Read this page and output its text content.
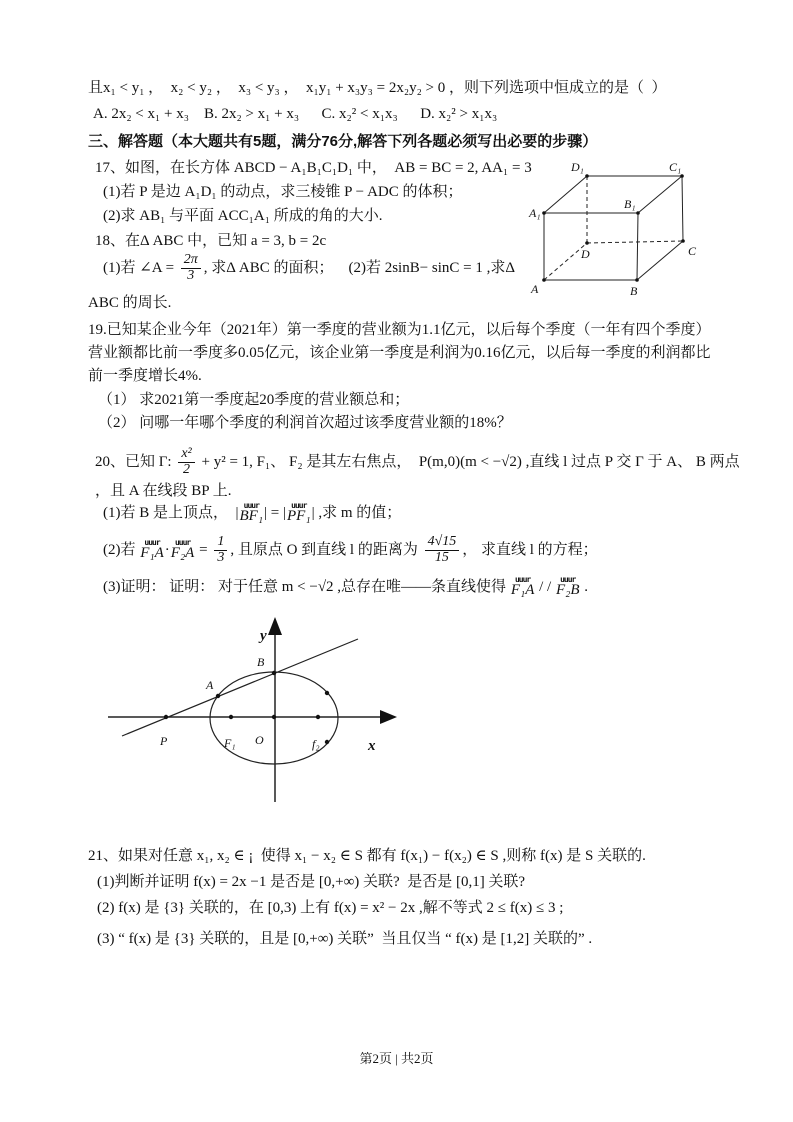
且x₁ < y₁ ，  x₂ < y₂ ，  x₃ < y₃ ，  x₁y₁ + x₃y₃ = 2x₂y₂ > 0 ，则下列选项中恒成立的是（  ）
A. 2x₂ < x₁ + x₃    B. 2x₂ > x₁ + x₃      C. x₂² < x₁x₃      D. x₂² > x₁x₃
三、解答题（本大题共有5题，满分76分,解答下列各题必须写出必要的步骤）
17、如图，在长方体 ABCD − A₁B₁C₁D₁ 中，  AB = BC = 2, AA₁ = 3
(1)若 P 是边 A₁D₁ 的动点，求三棱锥 P − ADC 的体积；
(2)求 AB₁ 与平面 ACC₁A₁ 所成的角的大小.	A₁
B₁
C₁
D₁
A	B
C
D
18、在Δ ABC 中，已知 a = 3, b = 2c
(1)若 ∠A = $\frac{2\pi}{3}$ , 求Δ ABC 的面积；    (2)若 2sinB− sinC = 1 ,求Δ
ABC 的周长.
19.已知某企业今年（2021年）第一季度的营业额为1.1亿元，以后每个季度（一年有四个季度）
营业额都比前一季度多0.05亿元，该企业第一季度是利润为0.16亿元，以后每一季度的利润都比
前一季度增长4%.
（1） 求2021第一季度起20季度的营业额总和；
（2） 问哪一年哪个季度的利润首次超过该季度营业额的18%？
20、已知 Γ: $\frac{\text{x²}}{2} + y^2 = 1$, F₁、 F₂ 是其左右焦点，  P(m,0)(m < −√2) ,直线 l 过点 P 交 Γ 于 A、 B 两点
，且 A 在线段 BP 上.
(1)若 B 是上顶点，  | uuur
BF₁ | = | uuur
PF₁ | ,求 m 的值；
(2)若 uuur
F₁A · uuur
$F_2A = \frac{1}{3}$ , 且原点 O 到直线 l 的距离为 $\frac{4√15}{15}$ ， 求直线 l 的方程；
(3)证明： 证明： 对于任意 m < −√2 ,总存在唯——条直线使得 uuur
F₁A / / uuur
F₂B .
y
x
B
A
P	F₁ O	f₂
21、如果对任意 x₁, x₂ ∈ ¡  使得 x₁ − x₂ ∈ S 都有 f(x₁) − f(x₂) ∈ S ,则称 f(x) 是 S 关联的.
(1)判断并证明 f(x) = 2x −1 是否是 [0,+∞) 关联?  是否是 [0,1] 关联?
(2) f(x) 是 {3} 关联的，在 [0,3) 上有 f(x) = x² − 2x ,解不等式 2 ≤ f(x) ≤ 3 ;
(3) “ f(x) 是 {3} 关联的，且是 [0,+∞) 关联”  当且仅当 “ f(x) 是 [1,2] 关联的” .
第2页 | 共2页
